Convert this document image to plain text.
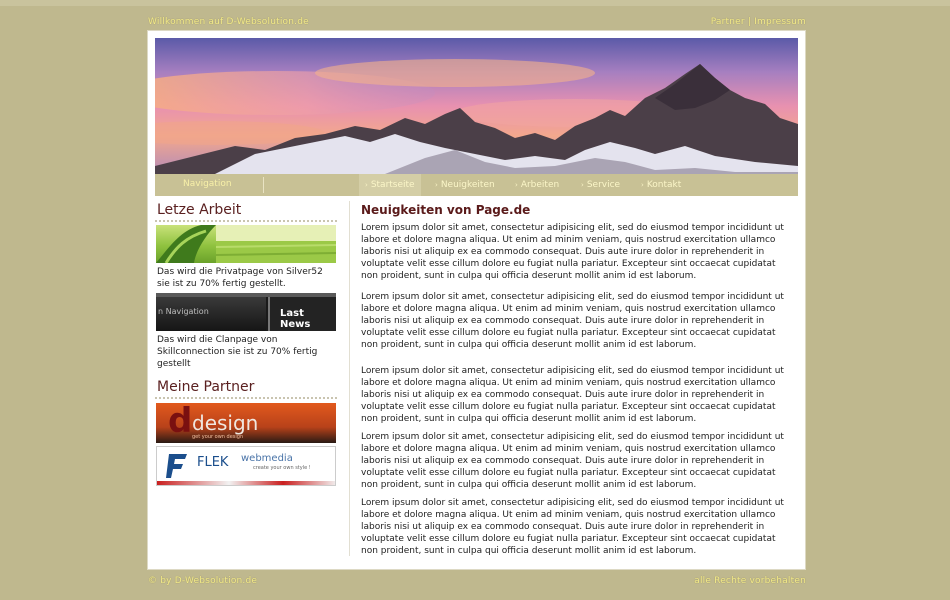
Willkommen auf D-Websolution.de	Partner | Impressum
Navigation	› Startseite	› Neuigkeiten	› Arbeiten	› Service	› Kontakt
Letze Arbeit
Das wird die Privatpage von Silver52 sie ist zu 70% fertig gestellt.
n Navigation	Last News
Das wird die Clanpage von Skillconnection sie ist zu 70% fertig gestellt
Meine Partner
d design
get your own design
FLEK webmedia
create your own style !
Neuigkeiten von Page.de

Lorem ipsum dolor sit amet, consectetur adipisicing elit, sed do eiusmod tempor incididunt ut labore et dolore magna aliqua. Ut enim ad minim veniam, quis nostrud exercitation ullamco laboris nisi ut aliquip ex ea commodo consequat. Duis aute irure dolor in reprehenderit in voluptate velit esse cillum dolore eu fugiat nulla pariatur. Excepteur sint occaecat cupidatat non proident, sunt in culpa qui officia deserunt mollit anim id est laborum.

Lorem ipsum dolor sit amet, consectetur adipisicing elit, sed do eiusmod tempor incididunt ut labore et dolore magna aliqua. Ut enim ad minim veniam, quis nostrud exercitation ullamco laboris nisi ut aliquip ex ea commodo consequat. Duis aute irure dolor in reprehenderit in voluptate velit esse cillum dolore eu fugiat nulla pariatur. Excepteur sint occaecat cupidatat non proident, sunt in culpa qui officia deserunt mollit anim id est laborum.

Lorem ipsum dolor sit amet, consectetur adipisicing elit, sed do eiusmod tempor incididunt ut labore et dolore magna aliqua. Ut enim ad minim veniam, quis nostrud exercitation ullamco laboris nisi ut aliquip ex ea commodo consequat. Duis aute irure dolor in reprehenderit in voluptate velit esse cillum dolore eu fugiat nulla pariatur. Excepteur sint occaecat cupidatat non proident, sunt in culpa qui officia deserunt mollit anim id est laborum.

Lorem ipsum dolor sit amet, consectetur adipisicing elit, sed do eiusmod tempor incididunt ut labore et dolore magna aliqua. Ut enim ad minim veniam, quis nostrud exercitation ullamco laboris nisi ut aliquip ex ea commodo consequat. Duis aute irure dolor in reprehenderit in voluptate velit esse cillum dolore eu fugiat nulla pariatur. Excepteur sint occaecat cupidatat non proident, sunt in culpa qui officia deserunt mollit anim id est laborum.

Lorem ipsum dolor sit amet, consectetur adipisicing elit, sed do eiusmod tempor incididunt ut labore et dolore magna aliqua. Ut enim ad minim veniam, quis nostrud exercitation ullamco laboris nisi ut aliquip ex ea commodo consequat. Duis aute irure dolor in reprehenderit in voluptate velit esse cillum dolore eu fugiat nulla pariatur. Excepteur sint occaecat cupidatat non proident, sunt in culpa qui officia deserunt mollit anim id est laborum.

© by D-Websolution.de	alle Rechte vorbehalten
